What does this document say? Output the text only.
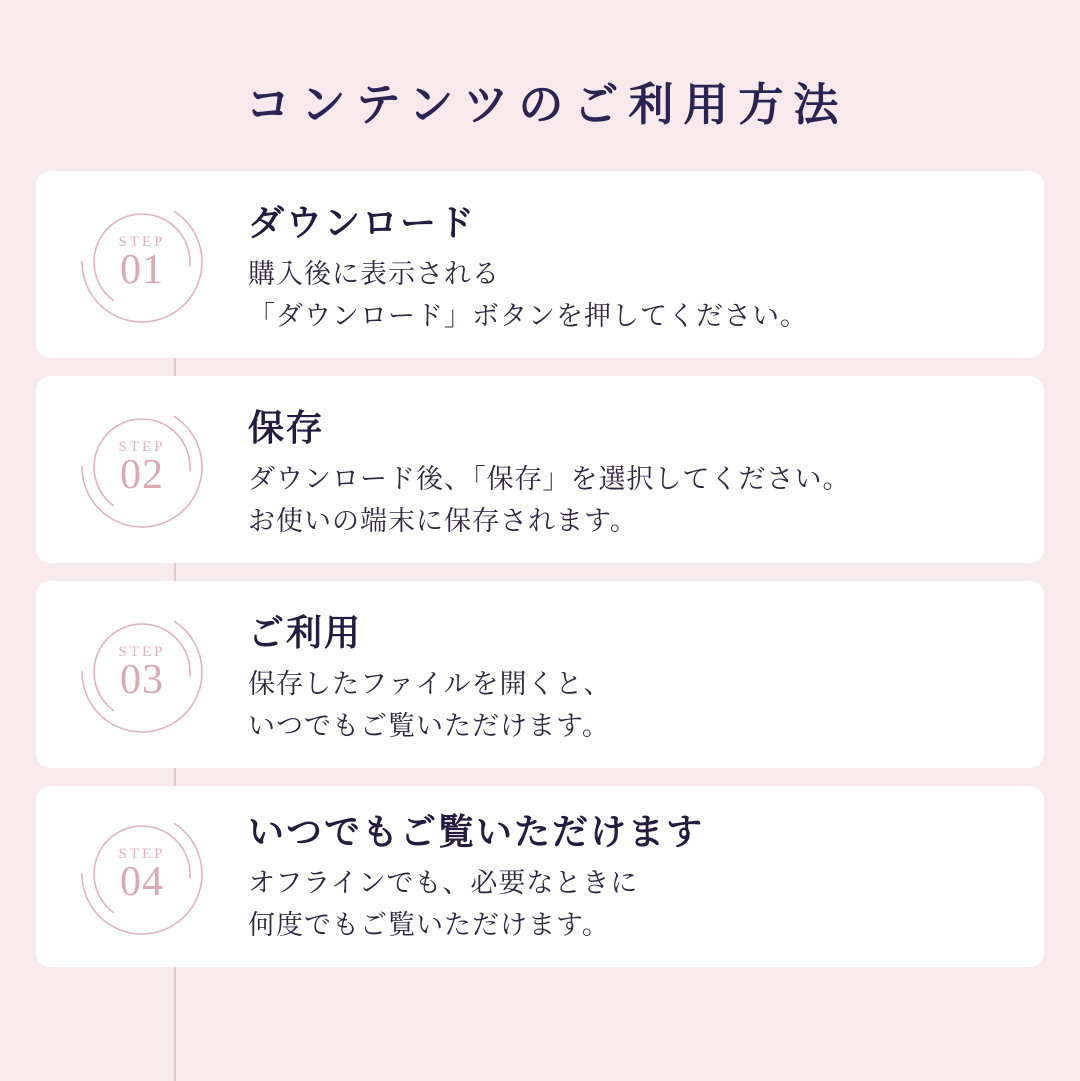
コンテンツのご利用方法
STEP
01
ダウンロード
購入後に表示される
「ダウンロード」ボタンを押してください。
STEP
02
保存
ダウンロード後、「保存」を選択してください。
お使いの端末に保存されます。
STEP
03
ご利用
保存したファイルを開くと、
いつでもご覧いただけます。
STEP
04
いつでもご覧いただけます
オフラインでも、必要なときに
何度でもご覧いただけます。
